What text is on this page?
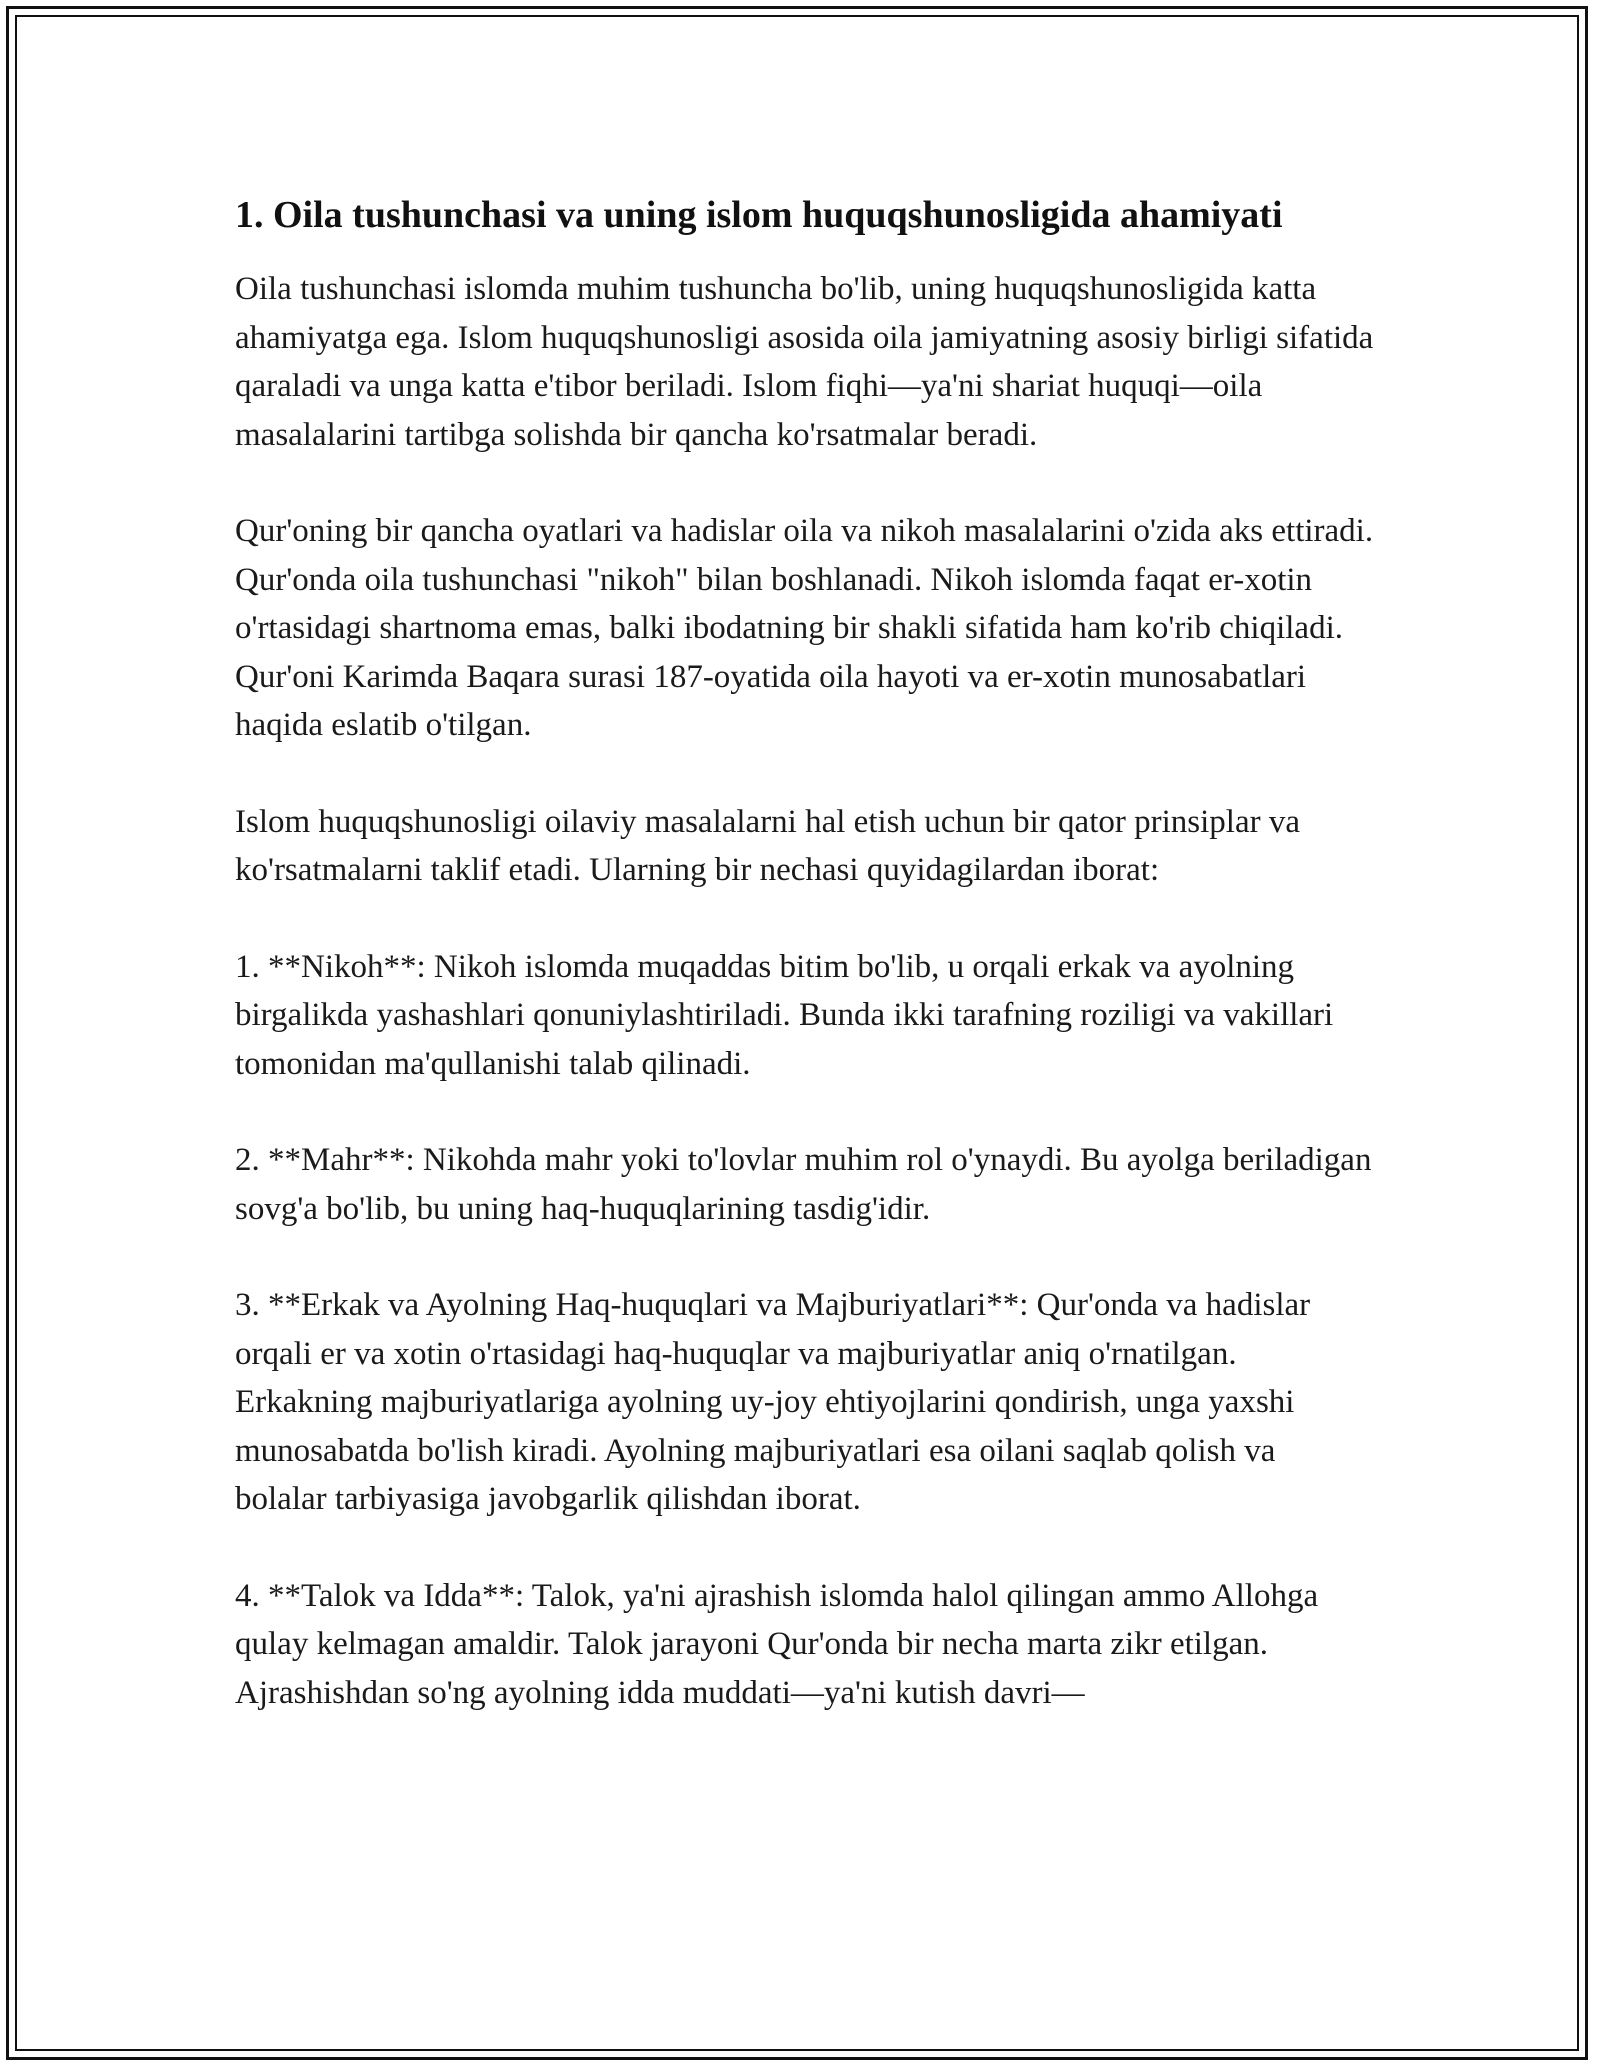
1. Oila tushunchasi va uning islom huquqshunosligida ahamiyati

Oila tushunchasi islomda muhim tushuncha bo'lib, uning huquqshunosligida katta ahamiyatga ega. Islom huquqshunosligi asosida oila jamiyatning asosiy birligi sifatida qaraladi va unga katta e'tibor beriladi. Islom fiqhi—ya'ni shariat huquqi—oila masalalarini tartibga solishda bir qancha ko'rsatmalar beradi.

Qur'oning bir qancha oyatlari va hadislar oila va nikoh masalalarini o'zida aks ettiradi. Qur'onda oila tushunchasi "nikoh" bilan boshlanadi. Nikoh islomda faqat er-xotin o'rtasidagi shartnoma emas, balki ibodatning bir shakli sifatida ham ko'rib chiqiladi. Qur'oni Karimda Baqara surasi 187-oyatida oila hayoti va er-xotin munosabatlari haqida eslatib o'tilgan.

Islom huquqshunosligi oilaviy masalalarni hal etish uchun bir qator prinsiplar va ko'rsatmalarni taklif etadi. Ularning bir nechasi quyidagilardan iborat:

1. **Nikoh**: Nikoh islomda muqaddas bitim bo'lib, u orqali erkak va ayolning birgalikda yashashlari qonuniylashtiriladi. Bunda ikki tarafning roziligi va vakillari tomonidan ma'qullanishi talab qilinadi.

2. **Mahr**: Nikohda mahr yoki to'lovlar muhim rol o'ynaydi. Bu ayolga beriladigan sovg'a bo'lib, bu uning haq-huquqlarining tasdig'idir.

3. **Erkak va Ayolning Haq-huquqlari va Majburiyatlari**: Qur'onda va hadislar orqali er va xotin o'rtasidagi haq-huquqlar va majburiyatlar aniq o'rnatilgan. Erkakning majburiyatlariga ayolning uy-joy ehtiyojlarini qondirish, unga yaxshi munosabatda bo'lish kiradi. Ayolning majburiyatlari esa oilani saqlab qolish va bolalar tarbiyasiga javobgarlik qilishdan iborat.

4. **Talok va Idda**: Talok, ya'ni ajrashish islomda halol qilingan ammo Allohga qulay kelmagan amaldir. Talok jarayoni Qur'onda bir necha marta zikr etilgan. Ajrashishdan so'ng ayolning idda muddati—ya'ni kutish davri—
